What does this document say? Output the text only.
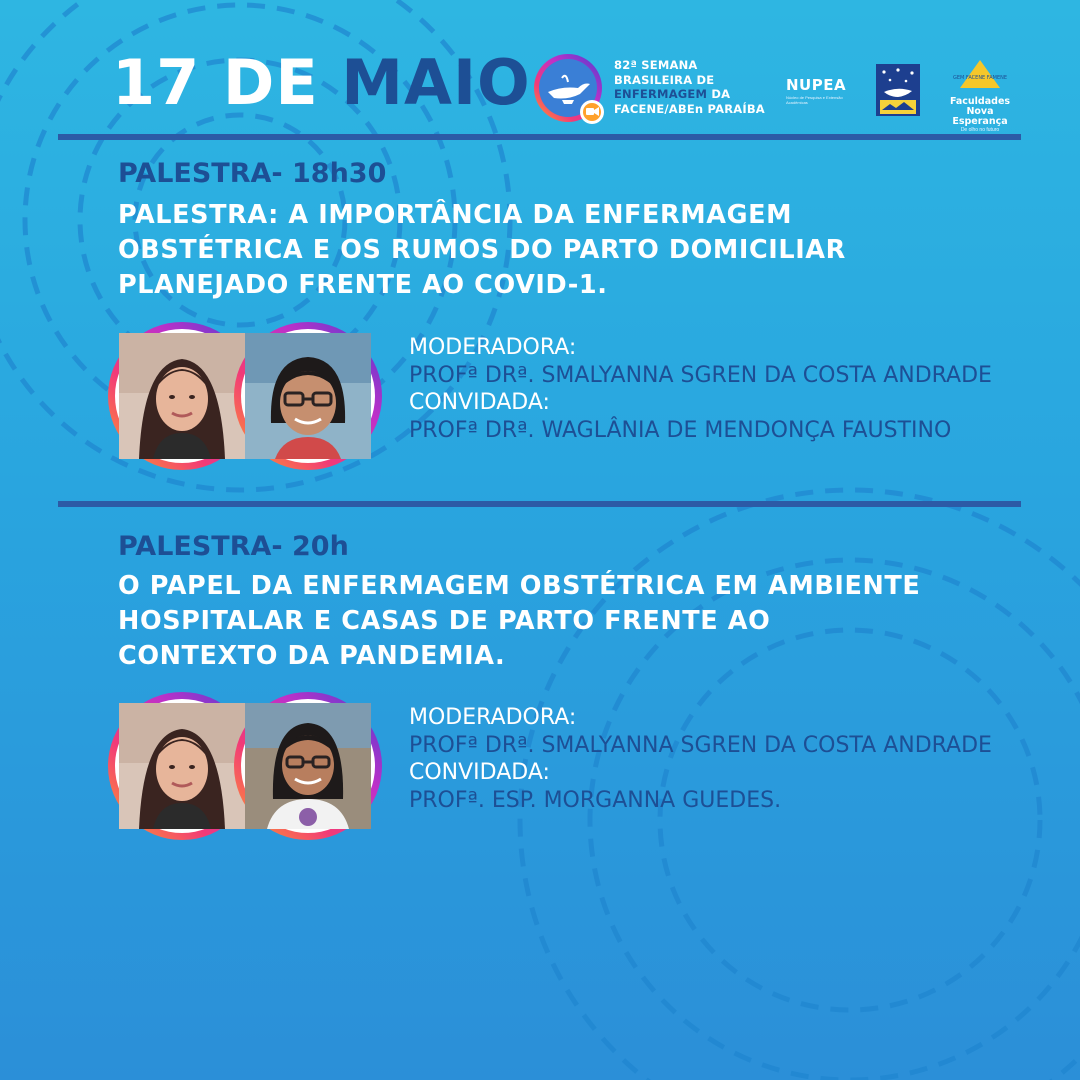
17 DE MAIO	82ª SEMANA
BRASILEIRA DE
ENFERMAGEM DA
FACENE/ABEn PARAÍBA
NUPEA
Núcleo de Pesquisa e Extensão Acadêmicas
GEM FACENE FAMENE
Faculdades Nova Esperança
De olho no futuro
PALESTRA- 18h30
PALESTRA: A IMPORTÂNCIA DA ENFERMAGEM
OBSTÉTRICA E OS RUMOS DO PARTO DOMICILIAR
PLANEJADO FRENTE AO COVID-1.
MODERADORA:
PROFª DRª. SMALYANNA SGREN DA COSTA ANDRADE
CONVIDADA:
PROFª DRª. WAGLÂNIA DE MENDONÇA FAUSTINO
PALESTRA- 20h
O PAPEL DA ENFERMAGEM OBSTÉTRICA EM AMBIENTE
HOSPITALAR E CASAS DE PARTO FRENTE AO
CONTEXTO DA PANDEMIA.
MODERADORA:
PROFª DRª. SMALYANNA SGREN DA COSTA ANDRADE
CONVIDADA:
PROFª. ESP. MORGANNA GUEDES.
